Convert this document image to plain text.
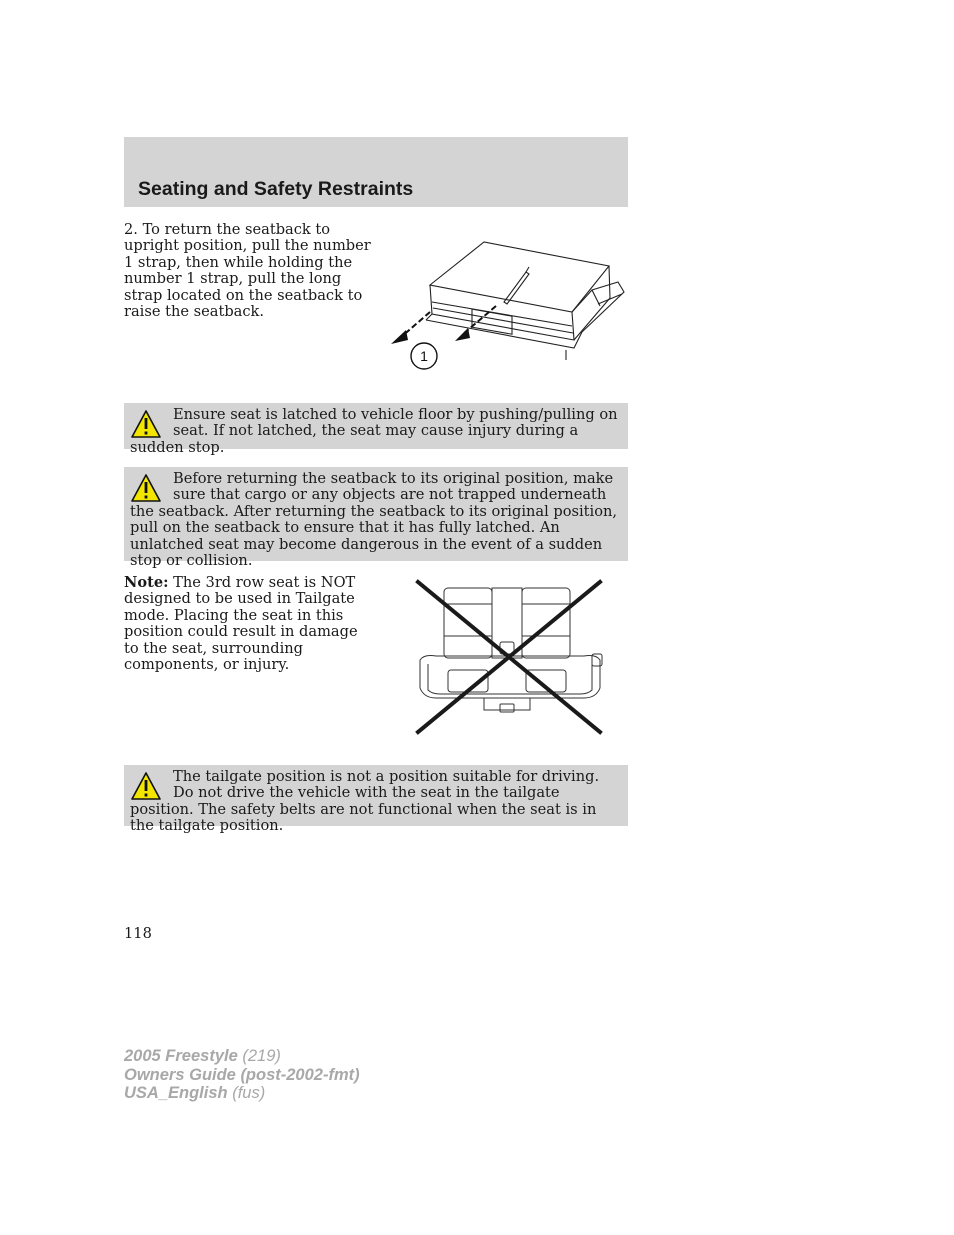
Seating and Safety Restraints

2. To return the seatback to upright position, pull the number 1 strap, then while holding the number 1 strap, pull the long strap located on the seatback to raise the seatback.

1
Ensure seat is latched to vehicle floor by pushing/pulling on seat. If not latched, the seat may cause injury during a sudden stop.
Before returning the seatback to its original position, make sure that cargo or any objects are not trapped underneath the seatback. After returning the seatback to its original position, pull on the seatback to ensure that it has fully latched. An unlatched seat may become dangerous in the event of a sudden stop or collision.

Note: The 3rd row seat is NOT designed to be used in Tailgate mode. Placing the seat in this position could result in damage to the seat, surrounding components, or injury.

The tailgate position is not a position suitable for driving. Do not drive the vehicle with the seat in the tailgate position. The safety belts are not functional when the seat is in the tailgate position.
118
2005 Freestyle (219)
Owners Guide (post-2002-fmt)
USA_English (fus)
